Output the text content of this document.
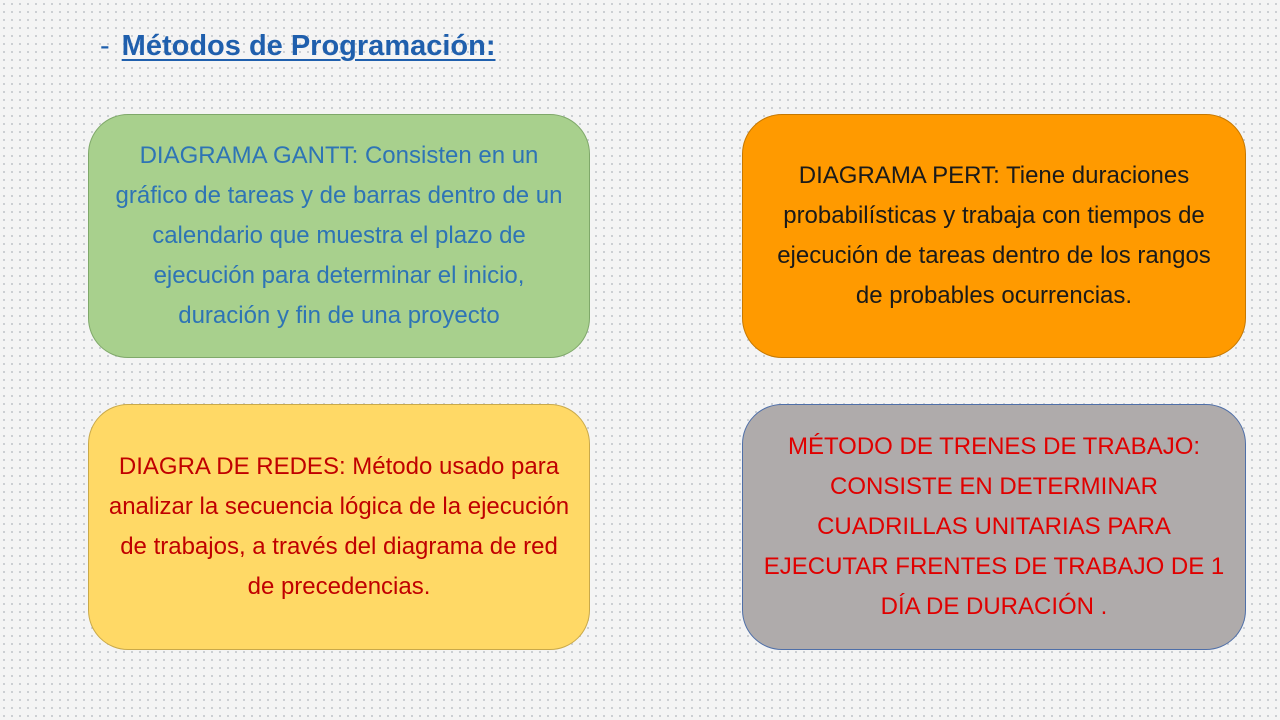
- Métodos de Programación:

DIAGRAMA GANTT: Consisten en un gráfico de tareas y de barras dentro de un calendario que muestra el plazo de ejecución para determinar el inicio, duración y fin de una proyecto

DIAGRAMA PERT: Tiene duraciones probabilísticas y trabaja con tiempos de ejecución de tareas dentro de los rangos de probables ocurrencias.

DIAGRA DE REDES: Método usado para analizar la secuencia lógica de la ejecución de trabajos, a través del diagrama de red de precedencias.

MÉTODO DE TRENES DE TRABAJO: CONSISTE EN DETERMINAR CUADRILLAS UNITARIAS PARA EJECUTAR FRENTES DE TRABAJO DE 1 DÍA DE DURACIÓN .
